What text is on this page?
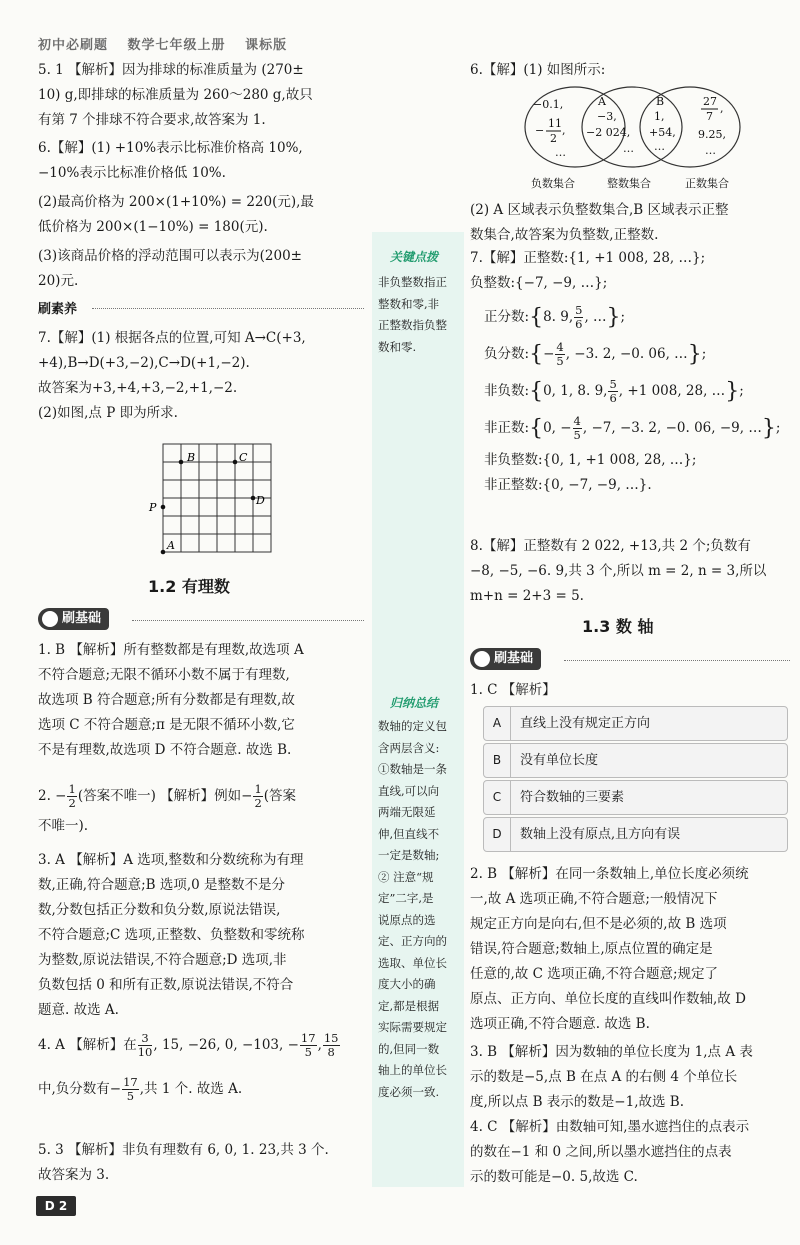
初中必刷题 数学七年级上册 课标版

5. 1 【解析】因为排球的标准质量为 (270±

10) g,即排球的标准质量为 260～280 g,故只

有第 7 个排球不符合要求,故答案为 1.

6.【解】(1) +10%表示比标准价格高 10%,

−10%表示比标准价格低 10%.

(2)最高价格为 200×(1+10%) = 220(元),最

低价格为 200×(1−10%) = 180(元).

(3)该商品价格的浮动范围可以表示为(200±

20)元.

刷素养

7.【解】(1) 根据各点的位置,可知 A→C(+3,

+4),B→D(+3,−2),C→D(+1,−2).

故答案为+3,+4,+3,−2,+1,−2.

(2)如图,点 P 即为所求.

B	C
D
P
A
1.2 有理数
刷基础

1. B 【解析】所有整数都是有理数,故选项 A

不符合题意;无限不循环小数不属于有理数,

故选项 B 符合题意;所有分数都是有理数,故

选项 C 不符合题意;π 是无限不循环小数,它

不是有理数,故选项 D 不符合题意. 故选 B.

2. − $\frac{1}{2}$ (答案不唯一) 【解析】例如− $\frac{1}{2}$ (答案

不唯一).

3. A 【解析】A 选项,整数和分数统称为有理

数,正确,符合题意;B 选项,0 是整数不是分

数,分数包括正分数和负分数,原说法错误,

不符合题意;C 选项,正整数、负整数和零统称

为整数,原说法错误,不符合题意;D 选项,非

负数包括 0 和所有正数,原说法错误,不符合

题意. 故选 A.

4. A 【解析】在 $\frac{3}{10}$ , 15, −26, 0, −103, − $\frac{17}{5}$ , $\frac{15}{8}$

中,负分数有− $\frac{17}{5}$ ,共 1 个. 故选 A.

5. 3 【解析】非负有理数有 6, 0, 1. 23,共 3 个.

故答案为 3.

关键点拨
非负整数指正
整数和零,非
正整数指负整
数和零.
归纳总结
数轴的定义包
含两层含义:
①数轴是一条
直线,可以向
两端无限延
伸,但直线不
一定是数轴;
② 注意“规
定”二字,是
说原点的选
定、正方向的
选取、单位长
度大小的确
定,都是根据
实际需要规定
的,但同一数
轴上的单位长
度必须一致.

6.【解】(1) 如图所示:

−0.1,
11
−
2
,
…
A
−3,
−2 024,
…
B
1,
+54,
…
27
7
,
9.25,
…
负数集合	整数集合	正数集合

(2) A 区域表示负整数集合,B 区域表示正整

数集合,故答案为负整数,正整数.

7.【解】正整数:{1, +1 008, 28, …};

负整数:{−7, −9, …};

正分数:{8. 9, $\frac{5}{6}$ , …};

负分数:{− $\frac{4}{5}$ , −3. 2, −0. 06, …};

非负数:{0, 1, 8. 9, $\frac{5}{6}$ , +1 008, 28, …};

非正数:{0, − $\frac{4}{5}$ , −7, −3. 2, −0. 06, −9, …};

非负整数:{0, 1, +1 008, 28, …};

非正整数:{0, −7, −9, …}.

8.【解】正整数有 2 022, +13,共 2 个;负数有

−8, −5, −6. 9,共 3 个,所以 m = 2, n = 3,所以

m+n = 2+3 = 5.

1.3 数 轴
刷基础

1. C 【解析】

A	直线上没有规定正方向
B	没有单位长度
C	符合数轴的三要素
D	数轴上没有原点,且方向有误

2. B 【解析】在同一条数轴上,单位长度必须统

一,故 A 选项正确,不符合题意;一般情况下

规定正方向是向右,但不是必须的,故 B 选项

错误,符合题意;数轴上,原点位置的确定是

任意的,故 C 选项正确,不符合题意;规定了

原点、正方向、单位长度的直线叫作数轴,故 D

选项正确,不符合题意. 故选 B.

3. B 【解析】因为数轴的单位长度为 1,点 A 表

示的数是−5,点 B 在点 A 的右侧 4 个单位长

度,所以点 B 表示的数是−1,故选 B.

4. C 【解析】由数轴可知,墨水遮挡住的点表示

的数在−1 和 0 之间,所以墨水遮挡住的点表

示的数可能是−0. 5,故选 C.

D 2
